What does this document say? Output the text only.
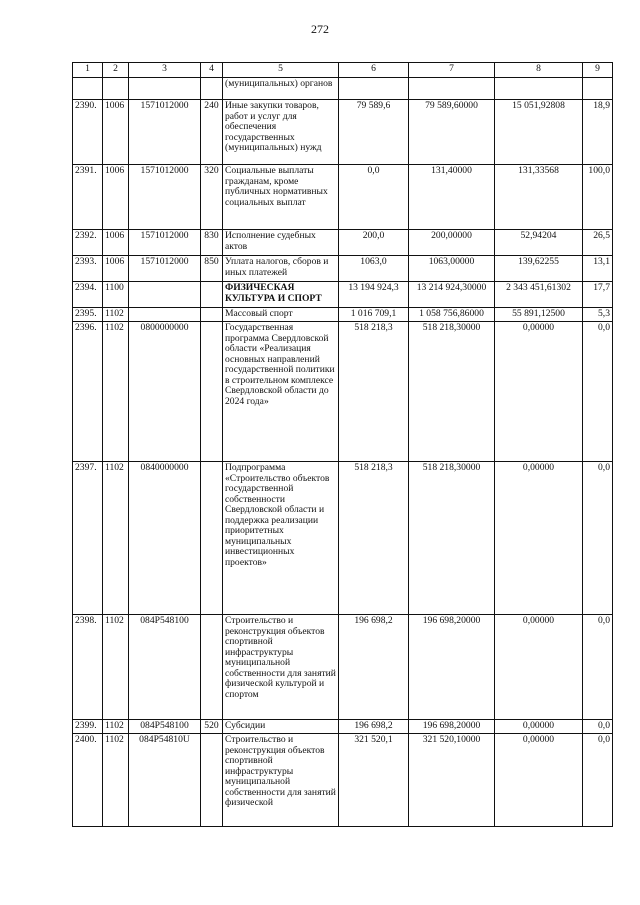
272
1	2	3	4	5	6	7	8	9
				(муниципальных) органов				
2390.	1006	1571012000	240	Иные закупки товаров, работ и услуг для обеспечения государственных (муниципальных) нужд	79 589,6	79 589,60000	15 051,92808	18,9
2391.	1006	1571012000	320	Социальные выплаты гражданам, кроме публичных нормативных социальных выплат	0,0	131,40000	131,33568	100,0
2392.	1006	1571012000	830	Исполнение судебных актов	200,0	200,00000	52,94204	26,5
2393.	1006	1571012000	850	Уплата налогов, сборов и иных платежей	1063,0	1063,00000	139,62255	13,1
2394.	1100			ФИЗИЧЕСКАЯ КУЛЬТУРА И СПОРТ	13 194 924,3	13 214 924,30000	2 343 451,61302	17,7
2395.	1102			Массовый спорт	1 016 709,1	1 058 756,86000	55 891,12500	5,3
2396.	1102	0800000000		Государственная программа Свердловской области «Реализация основных направлений государственной политики в строительном комплексе Свердловской области до 2024 года»	518 218,3	518 218,30000	0,00000	0,0
2397.	1102	0840000000		Подпрограмма «Строительство объектов государственной собственности Свердловской области и поддержка реализации приоритетных муниципальных инвестиционных проектов»	518 218,3	518 218,30000	0,00000	0,0
2398.	1102	084P548100		Строительство и реконструкция объектов спортивной инфраструктуры муниципальной собственности для занятий физической культурой и спортом	196 698,2	196 698,20000	0,00000	0,0
2399.	1102	084P548100	520	Субсидии	196 698,2	196 698,20000	0,00000	0,0
2400.	1102	084P54810U		Строительство и реконструкция объектов спортивной инфраструктуры муниципальной собственности для занятий физической	321 520,1	321 520,10000	0,00000	0,0
